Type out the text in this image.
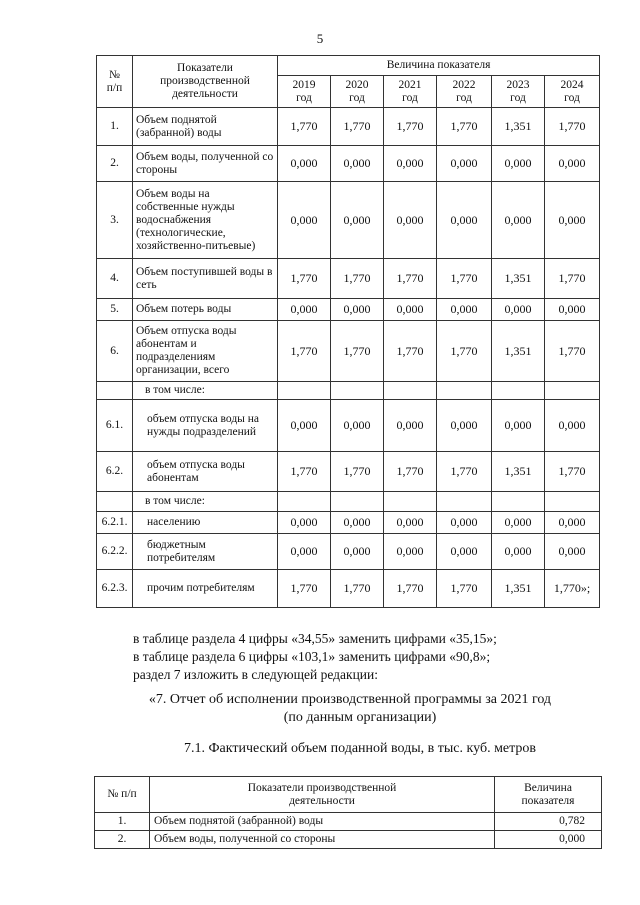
5
№ п/п	Показатели производственной деятельности	Величина показателя					
		2019 год	2020 год	2021 год	2022 год	2023 год	2024 год
1.	Объем поднятой (забранной) воды	1,770	1,770	1,770	1,770	1,351	1,770
2.	Объем воды, полученной со стороны	0,000	0,000	0,000	0,000	0,000	0,000
3.	Объем воды на собственные нужды водоснабжения (технологические, хозяйственно-питьевые)	0,000	0,000	0,000	0,000	0,000	0,000
4.	Объем поступившей воды в сеть	1,770	1,770	1,770	1,770	1,351	1,770
5.	Объем потерь воды	0,000	0,000	0,000	0,000	0,000	0,000
6.	Объем отпуска воды абонентам и подразделениям организации, всего	1,770	1,770	1,770	1,770	1,351	1,770
	в том числе:						
6.1.	объем отпуска воды на нужды подразделений	0,000	0,000	0,000	0,000	0,000	0,000
6.2.	объем отпуска воды абонентам	1,770	1,770	1,770	1,770	1,351	1,770
	в том числе:						
6.2.1.	населению	0,000	0,000	0,000	0,000	0,000	0,000
6.2.2.	бюджетным потребителям	0,000	0,000	0,000	0,000	0,000	0,000
6.2.3.	прочим потребителям	1,770	1,770	1,770	1,770	1,351	1,770»;
в таблице раздела 4 цифры «34,55» заменить цифрами «35,15»;
в таблице раздела 6 цифры «103,1» заменить цифрами «90,8»;
раздел 7 изложить в следующей редакции:
«7. Отчет об исполнении производственной программы за 2021 год
(по данным организации)
7.1. Фактический объем поданной воды, в тыс. куб. метров
№ п/п	Показатели производственной деятельности	Величина показателя
1.	Объем поднятой (забранной) воды	0,782
2.	Объем воды, полученной со стороны	0,000
